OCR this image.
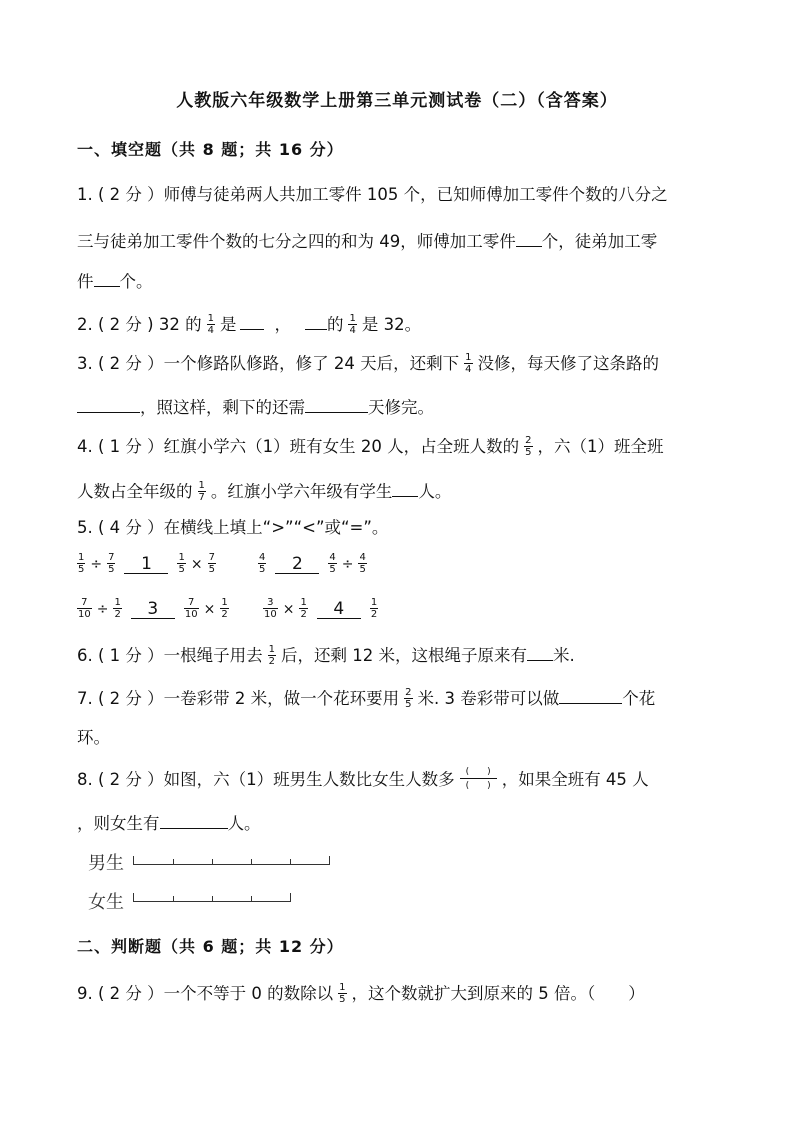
人教版六年级数学上册第三单元测试卷（二）（含答案）
一、填空题（共 8 题；共 16 分）
1. ( 2 分 ）师傅与徒弟两人共加工零件 105 个，已知师傅加工零件个数的八分之
三与徒弟加工零件个数的七分之四的和为 49，师傅加工零件 个，徒弟加工零
件 个。
2. ( 2 分 ) 32 的 $\frac{1}{4}$ 是 ， 的 $\frac{1}{4}$ 是 32。
3. ( 2 分 ）一个修路队修路，修了 24 天后，还剩下 $\frac{1}{4}$ 没修，每天修了这条路的
，照这样，剩下的还需	天修完。
4. ( 1 分 ）红旗小学六（1）班有女生 20 人，占全班人数的 $\frac{2}{5}$ ，六（1）班全班
人数占全年级的 $\frac{1}{7}$ 。红旗小学六年级有学生 人。
5. ( 4 分 ）在横线上填上“>”“<”或“=”。
$\frac{1}{5} \div \frac{7}{5} 1$	$\frac{1}{5} \times \frac{7}{5}$	$\frac{4}{5} 2$	$\frac{4}{5} \div \frac{4}{5}$
$\frac{7}{10} \div \frac{1}{2} 3$	$\frac{7}{10} \times \frac{1}{2}$	$\frac{3}{10} \times \frac{1}{2} 4$	$\frac{1}{2}$
6. ( 1 分 ）一根绳子用去 $\frac{1}{2}$ 后，还剩 12 米，这根绳子原来有 米.
7. ( 2 分 ）一卷彩带 2 米，做一个花环要用 $\frac{2}{5}$ 米. 3 卷彩带可以做	个花
环。
8. ( 2 分 ）如图，六（1）班男生人数比女生人数多 $\frac{( )}{( )}$ ，如果全班有 45 人
，则女生有	人。
男生
女生
二、判断题（共 6 题；共 12 分）
9. ( 2 分 ）一个不等于 0 的数除以 $\frac{1}{5}$ ，这个数就扩大到原来的 5 倍。（　　）
